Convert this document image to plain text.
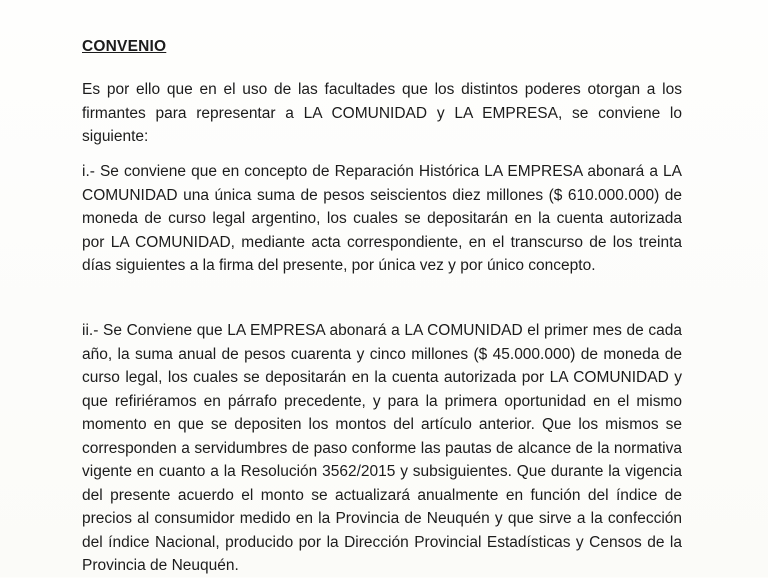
CONVENIO

Es por ello que en el uso de las facultades que los distintos poderes otorgan a los firmantes para representar a LA COMUNIDAD y LA EMPRESA, se conviene lo siguiente:

i.- Se conviene que en concepto de Reparación Histórica LA EMPRESA abonará a LA COMUNIDAD una única suma de pesos seiscientos diez millones ($ 610.000.000) de moneda de curso legal argentino, los cuales se depositarán en la cuenta autorizada por LA COMUNIDAD, mediante acta correspondiente, en el transcurso de los treinta días siguientes a la firma del presente, por única vez y por único concepto.

ii.- Se Conviene que LA EMPRESA abonará a LA COMUNIDAD el primer mes de cada año, la suma anual de pesos cuarenta y cinco millones ($ 45.000.000) de moneda de curso legal, los cuales se depositarán en la cuenta autorizada por LA COMUNIDAD y que refiriéramos en párrafo precedente, y para la primera oportunidad en el mismo momento en que se depositen los montos del artículo anterior. Que los mismos se corresponden a servidumbres de paso conforme las pautas de alcance de la normativa vigente en cuanto a la Resolución 3562/2015 y subsiguientes. Que durante la vigencia del presente acuerdo el monto se actualizará anualmente en función del índice de precios al consumidor medido en la Provincia de Neuquén y que sirve a la confección del índice Nacional, producido por la Dirección Provincial Estadísticas y Censos de la Provincia de Neuquén.
